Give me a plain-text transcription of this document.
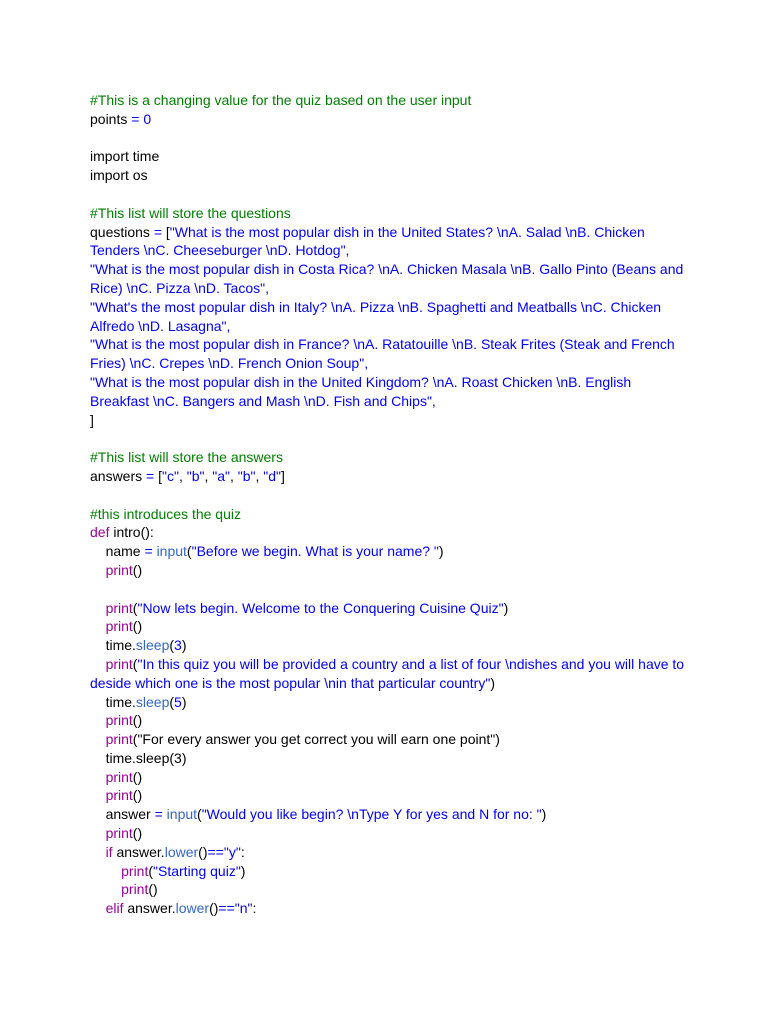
#This is a changing value for the quiz based on the user input
points = 0
import time
import os
#This list will store the questions
questions = ["What is the most popular dish in the United States? \nA. Salad \nB. Chicken
Tenders \nC. Cheeseburger \nD. Hotdog",
"What is the most popular dish in Costa Rica? \nA. Chicken Masala \nB. Gallo Pinto (Beans and
Rice) \nC. Pizza \nD. Tacos",
"What's the most popular dish in Italy? \nA. Pizza \nB. Spaghetti and Meatballs \nC. Chicken
Alfredo \nD. Lasagna",
"What is the most popular dish in France? \nA. Ratatouille \nB. Steak Frites (Steak and French
Fries) \nC. Crepes \nD. French Onion Soup",
"What is the most popular dish in the United Kingdom? \nA. Roast Chicken \nB. English
Breakfast \nC. Bangers and Mash \nD. Fish and Chips",
]
#This list will store the answers
answers = ["c", "b", "a", "b", "d"]
#this introduces the quiz
def intro():
name = input("Before we begin. What is your name? ")
print()
print("Now lets begin. Welcome to the Conquering Cuisine Quiz")
print()
time.sleep(3)
print("In this quiz you will be provided a country and a list of four \ndishes and you will have to
deside which one is the most popular \nin that particular country")
time.sleep(5)
print()
print("For every answer you get correct you will earn one point")
time.sleep(3)
print()
print()
answer = input("Would you like begin? \nType Y for yes and N for no: ")
print()
if answer.lower()=="y":
print("Starting quiz")
print()
elif answer.lower()=="n":
